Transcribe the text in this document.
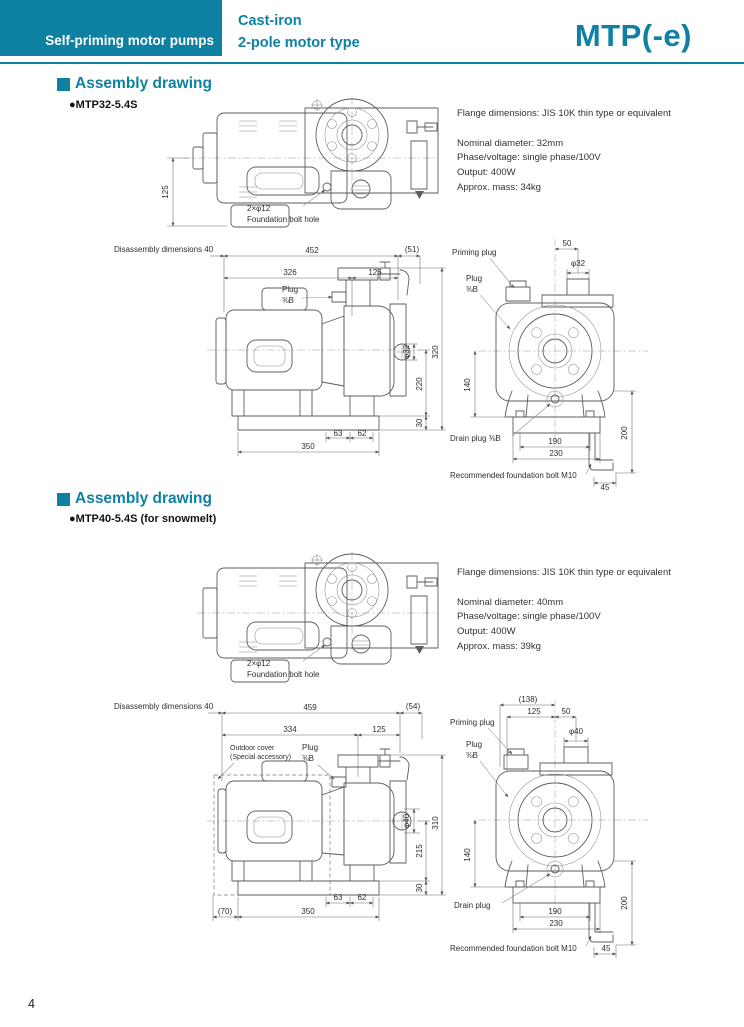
Self-priming motor pumps
Cast-iron
2-pole motor type	MTP(-e)
Assembly drawing
●MTP32-5.4S
Flange dimensions: JIS 10K thin type or equivalent
Nominal diameter: 32mm
Phase/voltage: single phase/100V
Output: 400W
Approx. mass: 34kg
125
2×φ12
Foundation bolt hole
Disassembly dimensions 40	452	(51)
326	126
Plug
⅜B
φ32
220
30
320
63 62
350
50
φ32
Priming plug
Plug
⅜B
140
Drain plug ⅜B	190
230
200
Recommended foundation bolt M10
45
Assembly drawing
●MTP40-5.4S (for snowmelt)
Flange dimensions: JIS 10K thin type or equivalent
Nominal diameter: 40mm
Phase/voltage: single phase/100V
Output: 400W
Approx. mass: 39kg
2×φ12
Foundation bolt hole
Disassembly dimensions 40	459	(54)
334	125
Outdoor cover
(Special accessory)
Plug
⅜B
φ40
215
30
310
63 62
(70)	350
(138)
125	50
φ40
Priming plug
Plug
⅜B
140
Drain plug
190
230
200
Recommended foundation bolt M10	45
4
